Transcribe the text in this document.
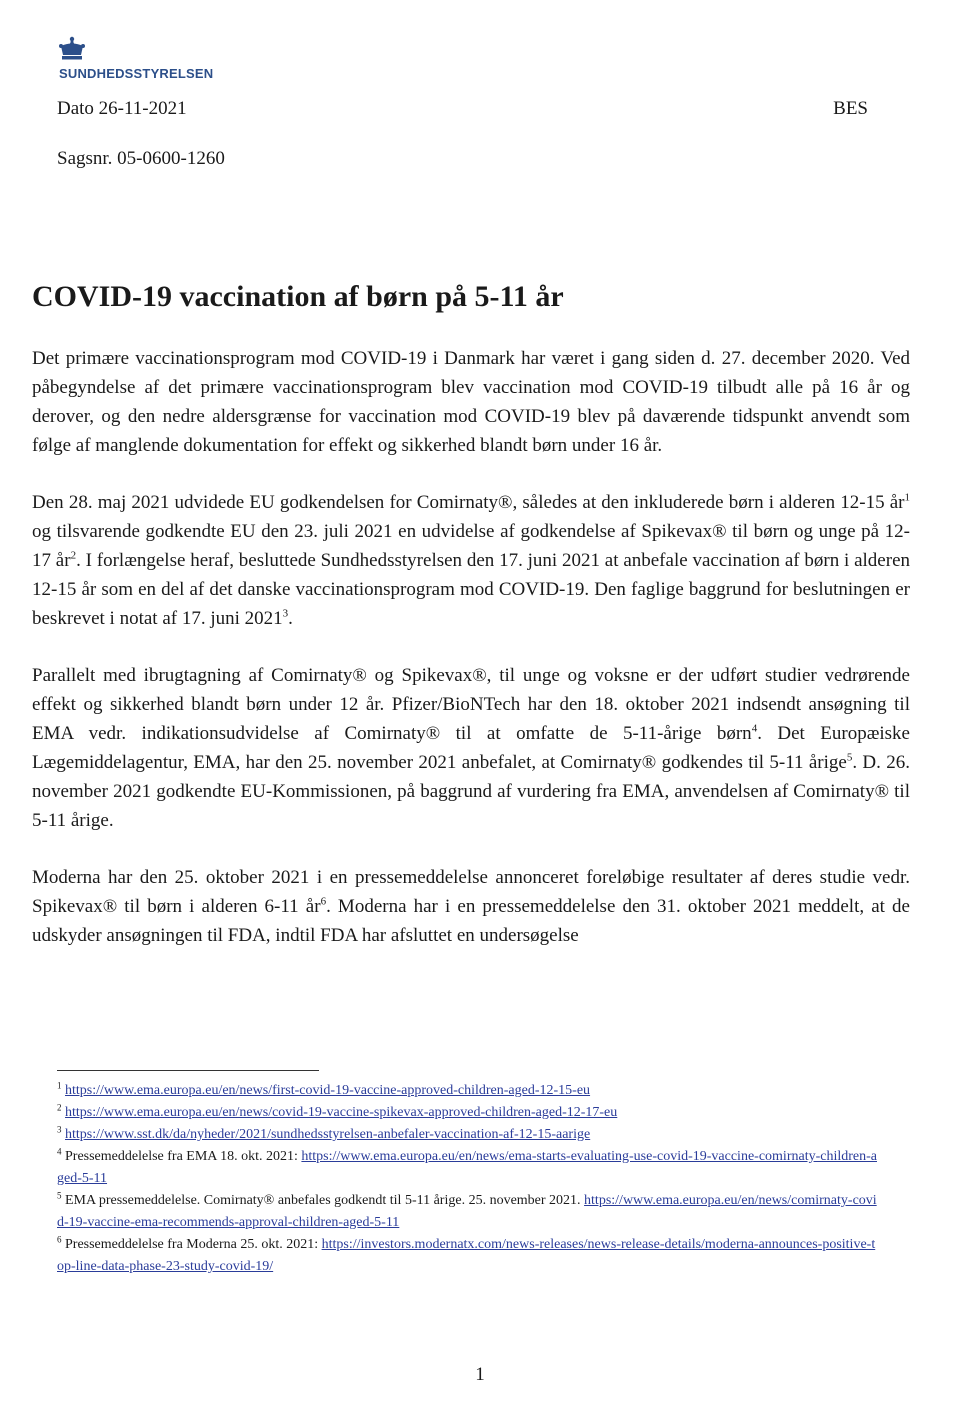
SUNDHEDSSTYRELSEN
Dato 26-11-2021	BES
Sagsnr. 05-0600-1260
COVID-19 vaccination af børn på 5-11 år

Det primære vaccinationsprogram mod COVID-19 i Danmark har været i gang siden d. 27. december 2020. Ved påbegyndelse af det primære vaccinationsprogram blev vaccination mod COVID-19 tilbudt alle på 16 år og derover, og den nedre aldersgrænse for vaccination mod COVID-19 blev på daværende tidspunkt anvendt som følge af manglende dokumentation for effekt og sikkerhed blandt børn under 16 år.

Den 28. maj 2021 udvidede EU godkendelsen for Comirnaty®, således at den inkluderede børn i alderen 12-15 $år^1$ og tilsvarende godkendte EU den 23. juli 2021 en udvidelse af godkendelse af Spikevax® til børn og unge på 12-17 $år^2$. I forlængelse heraf, besluttede Sundhedsstyrelsen den 17. juni 2021 at anbefale vaccination af børn i alderen 12-15 år som en del af det danske vaccinationsprogram mod COVID-19. Den faglige baggrund for beslutningen er beskrevet i notat af 17. juni 2021$^3$.

Parallelt med ibrugtagning af Comirnaty® og Spikevax®, til unge og voksne er der udført studier vedrørende effekt og sikkerhed blandt børn under 12 år. Pfizer/BioNTech har den 18. oktober 2021 indsendt ansøgning til EMA vedr. indikationsudvidelse af Comirnaty® til at omfatte de 5-11-årige børn$^4$. Det Europæiske Lægemiddelagentur, EMA, har den 25. november 2021 anbefalet, at Comirnaty® godkendes til 5-11 årige$^5$. D. 26. november 2021 godkendte EU-Kommissionen, på baggrund af vurdering fra EMA, anvendelsen af Comirnaty® til 5-11 årige.

Moderna har den 25. oktober 2021 i en pressemeddelelse annonceret foreløbige resultater af deres studie vedr. Spikevax® til børn i alderen 6-11 $år^6$. Moderna har i en pressemeddelelse den 31. oktober 2021 meddelt, at de udskyder ansøgningen til FDA, indtil FDA har afsluttet en undersøgelse

$^1$ https://www.ema.europa.eu/en/news/first-covid-19-vaccine-approved-children-aged-12-15-eu

$^2$ https://www.ema.europa.eu/en/news/covid-19-vaccine-spikevax-approved-children-aged-12-17-eu

$^3$ https://www.sst.dk/da/nyheder/2021/sundhedsstyrelsen-anbefaler-vaccination-af-12-15-aarige

$^4$ Pressemeddelelse fra EMA 18. okt. 2021: https://www.ema.europa.eu/en/news/ema-starts-evaluating-use-covid-19-vaccine-comirnaty-children-aged-5-11

$^5$ EMA pressemeddelelse. Comirnaty® anbefales godkendt til 5-11 årige. 25. november 2021. https://www.ema.europa.eu/en/news/comirnaty-covid-19-vaccine-ema-recommends-approval-children-aged-5-11

$^6$ Pressemeddelelse fra Moderna 25. okt. 2021: https://investors.modernatx.com/news-releases/news-release-details/moderna-announces-positive-top-line-data-phase-23-study-covid-19/

1
